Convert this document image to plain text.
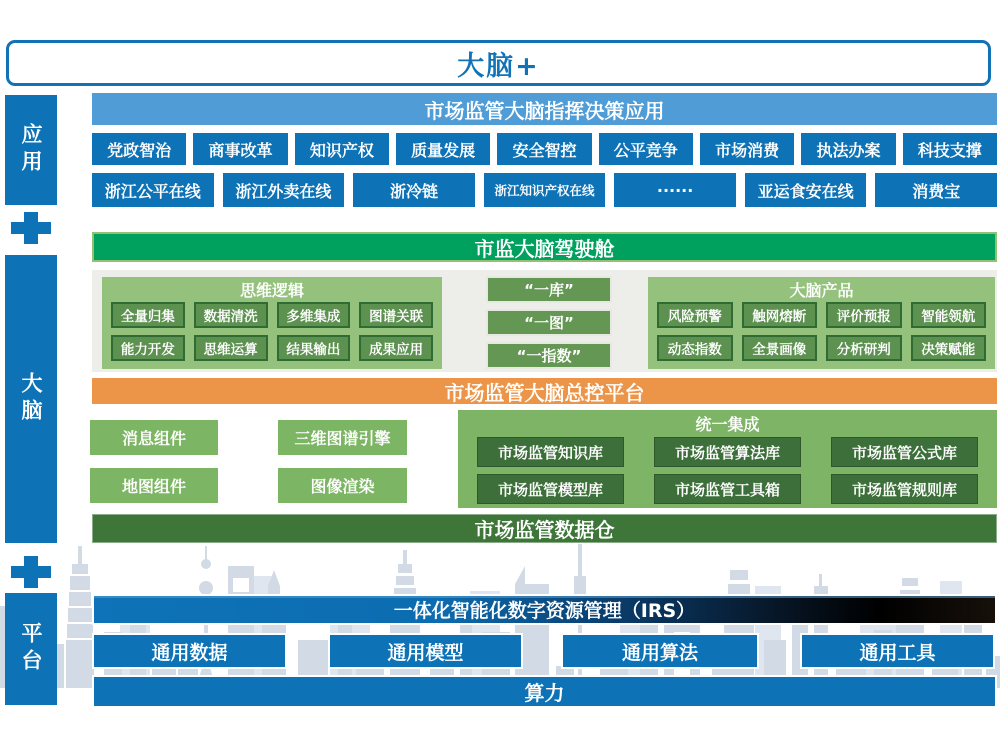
大脑+
应用
大脑
平台
市场监管大脑指挥决策应用
党政智治	商事改革	知识产权	质量发展	安全智控	公平竞争	市场消费	执法办案	科技支撑
浙江公平在线	浙江外卖在线	浙冷链	浙江知识产权在线	······	亚运食安在线	消费宝
市监大脑驾驶舱
思维逻辑
全量归集	数据清洗	多维集成	图谱关联
能力开发	思维运算	结果输出	成果应用
“一库”
“一图”
“一指数”
大脑产品
风险预警	触网熔断	评价预报	智能领航
动态指数	全景画像	分析研判	决策赋能
市场监管大脑总控平台
消息组件
地图组件
三维图谱引擎
图像渲染
统一集成
市场监管知识库	市场监管算法库	市场监管公式库
市场监管模型库	市场监管工具箱	市场监管规则库
市场监管数据仓
一体化智能化数字资源管理（IRS）
通用数据	通用模型	通用算法	通用工具
算力
